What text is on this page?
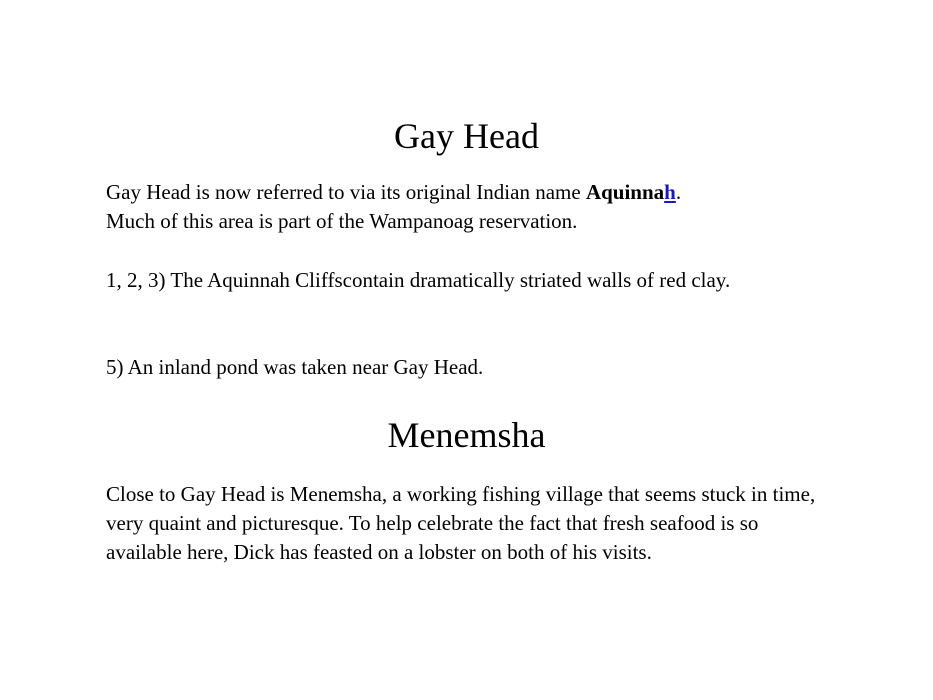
Gay Head

Gay Head is now referred to via its original Indian name Aquinnah.
Much of this area is part of the Wampanoag reservation.

1, 2, 3) The Aquinnah Cliffscontain dramatically striated walls of red clay.

5) An inland pond was taken near Gay Head.

Menemsha

Close to Gay Head is Menemsha, a working fishing village that seems stuck in time, very quaint and picturesque. To help celebrate the fact that fresh seafood is so available here, Dick has feasted on a lobster on both of his visits.
